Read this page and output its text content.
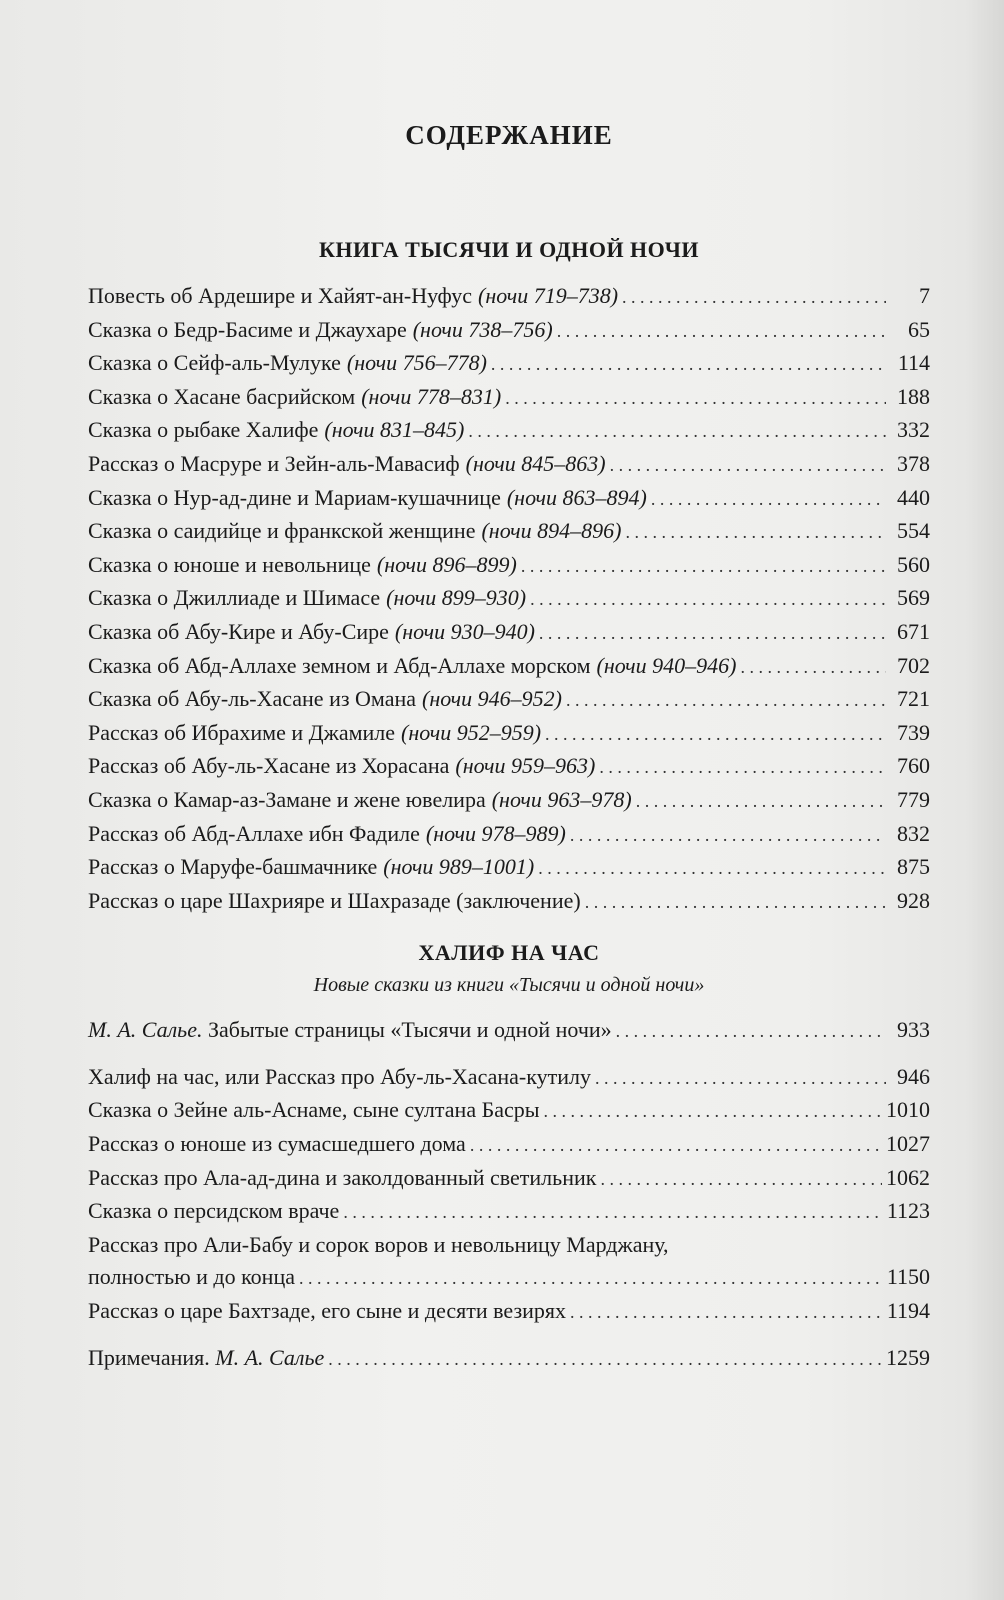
СОДЕРЖАНИЕ
КНИГА ТЫСЯЧИ И ОДНОЙ НОЧИ
Повесть об Ардешире и Хайят-ан-Нуфус (ночи 719–738) . . .	7
Сказка о Бедр-Басиме и Джаухаре (ночи 738–756) . . .	65
Сказка о Сейф-аль-Мулуке (ночи 756–778) . . .	114
Сказка о Хасане басрийском (ночи 778–831) . . .	188
Сказка о рыбаке Халифе (ночи 831–845) . . .	332
Рассказ о Масруре и Зейн-аль-Мавасиф (ночи 845–863) . . .	378
Сказка о Нур-ад-дине и Мариам-кушачнице (ночи 863–894) . . .	440
Сказка о саидийце и франкской женщине (ночи 894–896) . . .	554
Сказка о юноше и невольнице (ночи 896–899) . . .	560
Сказка о Джиллиаде и Шимасе (ночи 899–930) . . .	569
Сказка об Абу-Кире и Абу-Сире (ночи 930–940) . . .	671
Сказка об Абд-Аллахе земном и Абд-Аллахе морском (ночи 940–946) . . .	702
Сказка об Абу-ль-Хасане из Омана (ночи 946–952) . . .	721
Рассказ об Ибрахиме и Джамиле (ночи 952–959) . . .	739
Рассказ об Абу-ль-Хасане из Хорасана (ночи 959–963) . . .	760
Сказка о Камар-аз-Замане и жене ювелира (ночи 963–978) . . .	779
Рассказ об Абд-Аллахе ибн Фадиле (ночи 978–989) . . .	832
Рассказ о Маруфе-башмачнике (ночи 989–1001) . . .	875
Рассказ о царе Шахрияре и Шахразаде (заключение) . . .	928
ХАЛИФ НА ЧАС
Новые сказки из книги «Тысячи и одной ночи»
М. А. Салье. Забытые страницы «Тысячи и одной ночи» . . .	933
Халиф на час, или Рассказ про Абу-ль-Хасана-кутилу . . .	946
Сказка о Зейне аль-Аснаме, сыне султана Басры . . .	1010
Рассказ о юноше из сумасшедшего дома . . .	1027
Рассказ про Ала-ад-дина и заколдованный светильник . . .	1062
Сказка о персидском враче . . .	1123
Рассказ про Али-Бабу и сорок воров и невольницу Марджану,
полностью и до конца . . .	1150
Рассказ о царе Бахтзаде, его сыне и десяти везирях . . .	1194
Примечания. М. А. Салье . . .	1259
